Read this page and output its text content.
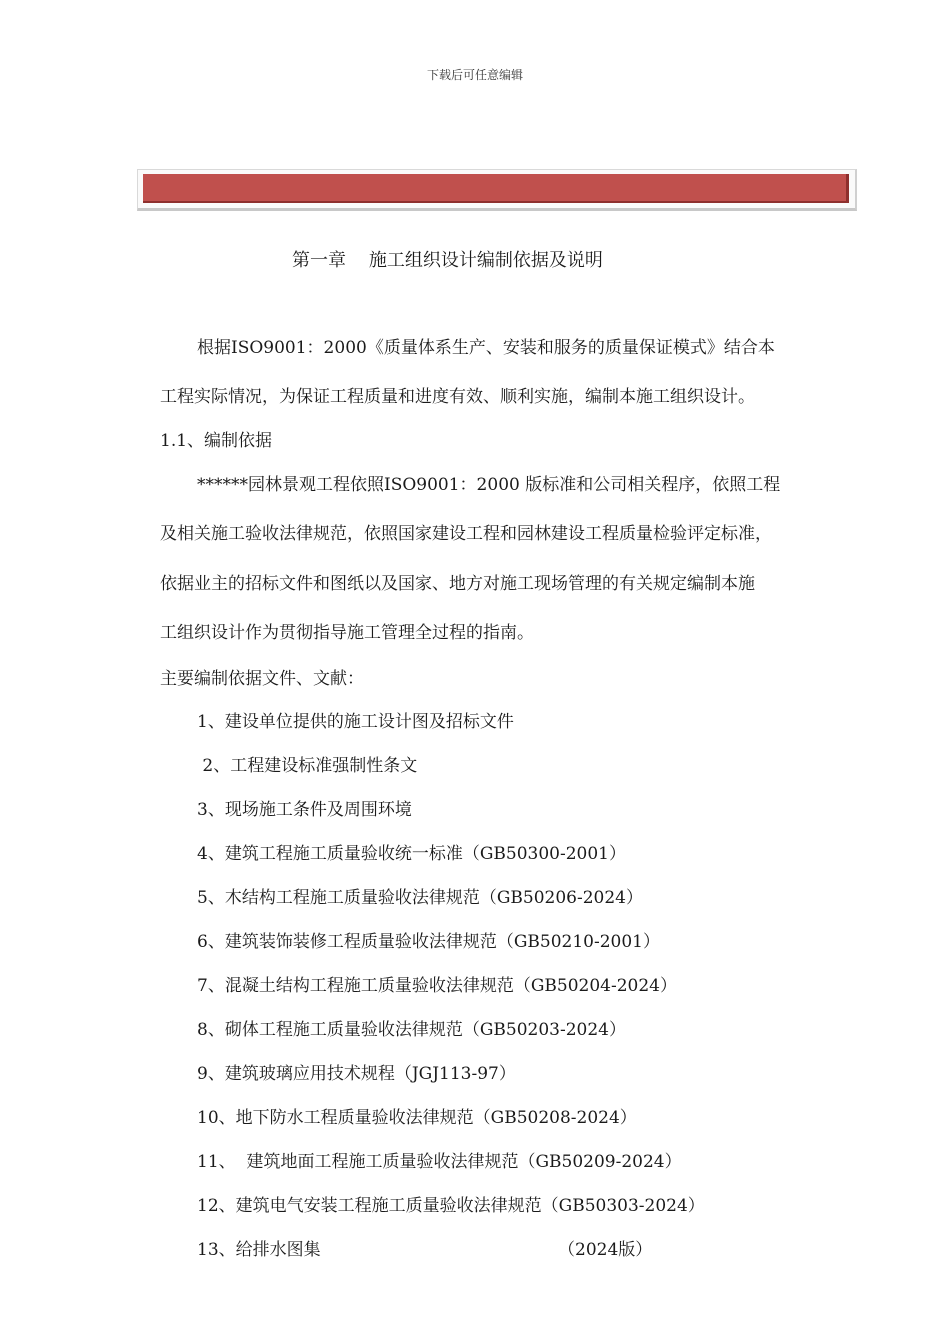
下载后可任意编辑
第一章    施工组织设计编制依据及说明
根据ISO9001：2000《质量体系生产、安装和服务的质量保证模式》结合本
工程实际情况，为保证工程质量和进度有效、顺利实施，编制本施工组织设计。
1.1、编制依据
******园林景观工程依照ISO9001：2000 版标准和公司相关程序，依照工程
及相关施工验收法律规范，依照国家建设工程和园林建设工程质量检验评定标准，
依据业主的招标文件和图纸以及国家、地方对施工现场管理的有关规定编制本施
工组织设计作为贯彻指导施工管理全过程的指南。
主要编制依据文件、文献：
1、建设单位提供的施工设计图及招标文件
2、工程建设标准强制性条文
3、现场施工条件及周围环境
4、建筑工程施工质量验收统一标准（GB50300-2001）
5、木结构工程施工质量验收法律规范（GB50206-2024）
6、建筑装饰装修工程质量验收法律规范（GB50210-2001）
7、混凝土结构工程施工质量验收法律规范（GB50204-2024）
8、砌体工程施工质量验收法律规范（GB50203-2024）
9、建筑玻璃应用技术规程（JGJ113-97）
10、地下防水工程质量验收法律规范（GB50208-2024）
11、  建筑地面工程施工质量验收法律规范（GB50209-2024）
12、建筑电气安装工程施工质量验收法律规范（GB50303-2024）
13、给排水图集	（2024版）
